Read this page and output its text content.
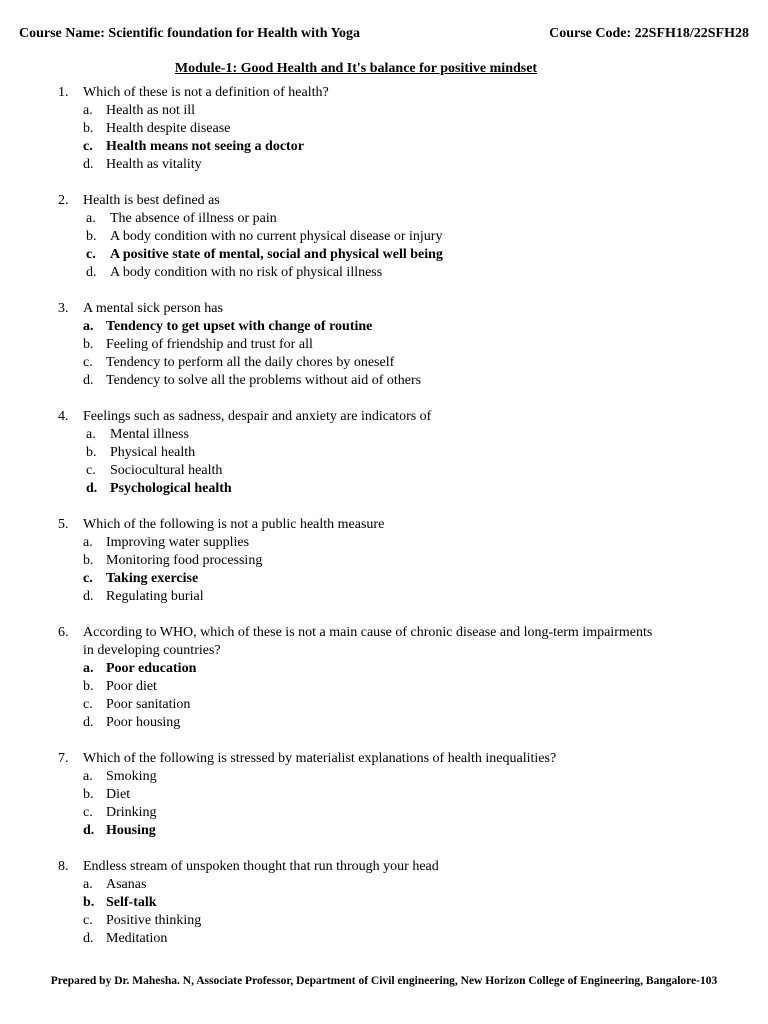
Course Name: Scientific foundation for Health with Yoga	Course Code: 22SFH18/22SFH28
Module-1: Good Health and It's balance for positive mindset
1.	Which of these is not a definition of health?
a. Health as not ill
b. Health despite disease
c. Health means not seeing a doctor
d. Health as vitality
2.	Health is best defined as
a.	The absence of illness or pain
b. A body condition with no current physical disease or injury
c.	A positive state of mental, social and physical well being
d. A body condition with no risk of physical illness
3.	A mental sick person has
a. Tendency to get upset with change of routine
b. Feeling of friendship and trust for all
c. Tendency to perform all the daily chores by oneself
d. Tendency to solve all the problems without aid of others
4.	Feelings such as sadness, despair and anxiety are indicators of
a.	Mental illness
b. Physical health
c.	Sociocultural health
d. Psychological health
5.	Which of the following is not a public health measure
a. Improving water supplies
b. Monitoring food processing
c. Taking exercise
d. Regulating burial
6.	According to WHO, which of these is not a main cause of chronic disease and long-term impairments
in developing countries?
a. Poor education
b. Poor diet
c. Poor sanitation
d. Poor housing
7.	Which of the following is stressed by materialist explanations of health inequalities?
a. Smoking
b. Diet
c. Drinking
d. Housing
8.	Endless stream of unspoken thought that run through your head
a. Asanas
b. Self-talk
c. Positive thinking
d. Meditation
Prepared by Dr. Mahesha. N, Associate Professor, Department of Civil engineering, New Horizon College of Engineering, Bangalore-103
